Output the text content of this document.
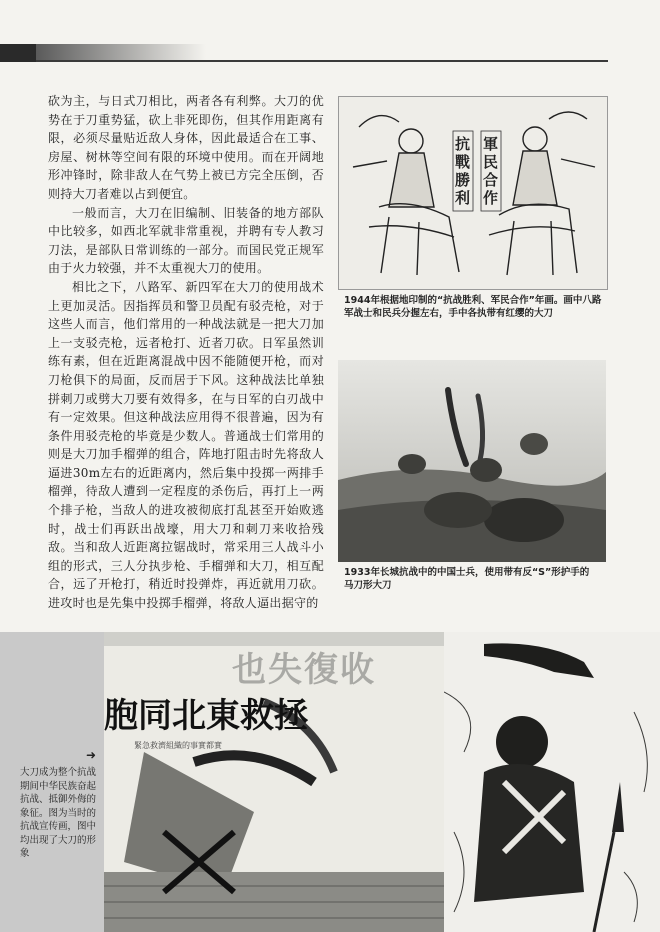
砍为主，与日式刀相比，两者各有利弊。大刀的优势在于刀重势猛，砍上非死即伤，但其作用距离有限，必须尽量贴近敌人身体，因此最适合在工事、房屋、树林等空间有限的环境中使用。而在开阔地形冲锋时，除非敌人在气势上被已方完全压倒，否则持大刀者难以占到便宜。

一般而言，大刀在旧编制、旧装备的地方部队中比较多，如西北军就非常重视，并聘有专人教习刀法，是部队日常训练的一部分。而国民党正规军由于火力较强，并不太重视大刀的使用。

相比之下，八路军、新四军在大刀的使用战术上更加灵活。因指挥员和警卫员配有驳壳枪，对于这些人而言，他们常用的一种战法就是一把大刀加上一支驳壳枪，远者枪打、近者刀砍。日军虽然训练有素，但在近距离混战中因不能随便开枪，而对刀枪俱下的局面，反而居于下风。这种战法比单独拼刺刀或劈大刀要有效得多，在与日军的白刃战中有一定效果。但这种战法应用得不很普遍，因为有条件用驳壳枪的毕竟是少数人。普通战士们常用的则是大刀加手榴弹的组合，阵地打阻击时先将敌人逼进30m左右的近距离内，然后集中投掷一两排手榴弹，待敌人遭到一定程度的杀伤后，再打上一两个排子枪，当敌人的进攻被彻底打乱甚至开始败逃时，战士们再跃出战壕，用大刀和刺刀来收拾残敌。当和敌人近距离拉锯战时，常采用三人战斗小组的形式，三人分执步枪、手榴弹和大刀，相互配合，远了开枪打，稍近时投弹炸，再近就用刀砍。进攻时也是先集中投掷手榴弹，将敌人逼出据守的

抗戰勝利
軍民合作
1944年根据地印制的“抗战胜利、军民合作”年画。画中八路军战士和民兵分握左右，手中各执带有红缨的大刀
1933年长城抗战中的中国士兵，使用带有反“S”形护手的马刀形大刀
也失復收
胞同北東救拯
緊急救濟組織的事實都實
➜
大刀成为整个抗战期间中华民族奋起抗战、抵御外侮的象征。图为当时的抗战宣传画，图中均出现了大刀的形象
